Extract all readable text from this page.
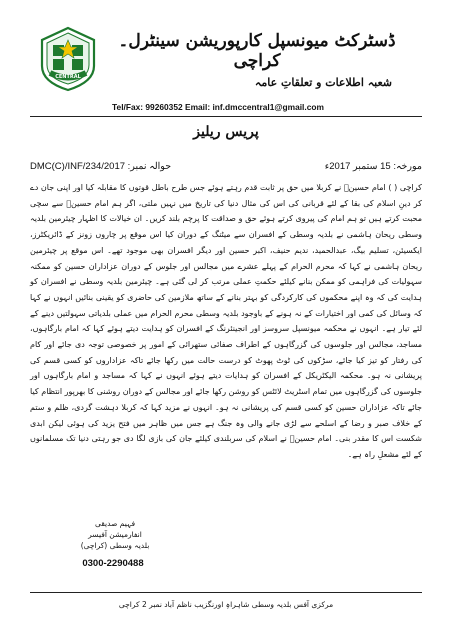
CENTRAL
ڈسٹرکٹ میونسپل کارپوریشن سینٹرل۔کراچی
شعبہ اطلاعات و تعلقاتِ عامہ
Tel/Fax: 99260352 Email: inf.dmccentral1@gmail.com
پریس ریلیز
مورخہ: 15 ستمبر 2017ء
حوالہ نمبر: DMC(C)/INF/234/2017
کراچی ( ) امام حسینؓ نے کربلا میں حق پر ثابت قدم رہتے ہوئے جس طرح باطل قوتوں کا مقابلہ کیا اور اپنی جان دے کر دینِ اسلام کی بقا کے لئے قربانی کی اس کی مثال دنیا کی تاریخ میں نہیں ملتی، اگر ہم امام حسینؓ سے سچی محبت کرتے ہیں تو ہم امام کی پیروی کرتے ہوئے حق و صداقت کا پرچم بلند کریں۔ ان خیالات کا اظہار چیئرمین بلدیہ وسطی ریحان ہاشمی نے بلدیہ وسطی کے افسران سے میٹنگ کے دوران کیا اس موقع پر چاروں زونز کے ڈائریکٹرز، ایکسیئن، تسلیم بیگ، عبدالحمید، ندیم حنیف، اکبر حسین اور دیگر افسران بھی موجود تھے۔ اس موقع پر چیئرمین ریحان ہاشمی نے کہا کہ محرم الحرام کے پہلے عشرے میں مجالس اور جلوس کے دوران عزاداران حسین کو ممکنہ سہولیات کی فراہمی کو ممکن بنانے کیلئے حکمتِ عملی مرتب کر لی گئی ہے۔ چیئرمین بلدیہ وسطی نے افسران کو ہدایت کی کہ وہ اپنے محکموں کی کارکردگی کو بہتر بنانے کے ساتھ ملازمین کی حاضری کو یقینی بنائیں انہوں نے کہا کہ وسائل کی کمی اور اختیارات کے نہ ہونے کے باوجود بلدیہ وسطی محرم الحرام میں عملی بلدیاتی سہولتیں دینے کے لئے تیار ہے۔ انہوں نے محکمہ میونسپل سروسز اور انجینئرنگ کے افسران کو ہدایت دیتے ہوئے کہا کہ امام بارگاہوں، مساجد، مجالس اور جلوسوں کی گزرگاہوں کے اطراف صفائی ستھرائی کے امور پر خصوصی توجہ دی جائے اور کام کی رفتار کو تیز کیا جائے، سڑکوں کی ٹوٹ پھوٹ کو درست حالت میں رکھا جائے تاکہ عزاداروں کو کسی قسم کی پریشانی نہ ہو۔ محکمہ الیکٹریکل کے افسران کو ہدایات دیتے ہوئے انہوں نے کہا کہ مساجد و امام بارگاہوں اور جلوسوں کی گزرگاہوں میں تمام اسٹریٹ لائٹس کو روشن رکھا جائے اور مجالس کے دوران روشنی کا بھرپور انتظام کیا جائے تاکہ عزاداران حسین کو کسی قسم کی پریشانی نہ ہو۔ انہوں نے مزید کہا کہ کربلا دہشت گردی، ظلم و ستم کے خلاف صبر و رضا کے اسلحے سے لڑی جانے والی وہ جنگ ہے جس میں ظاہر میں فتح یزید کی ہوئی لیکن ابدی شکست اس کا مقدر بنی۔ امام حسینؓ نے اسلام کی سربلندی کیلئے جان کی بازی لگا دی جو رہتی دنیا تک مسلمانوں کے لئے مشعلِ راہ ہے۔
فہیم صدیقی
انفارمیشن آفیسر
بلدیہ وسطی (کراچی)
0300-2290488
مرکزی آفس بلدیہ وسطی شاہراہِ اورنگزیب ناظم آباد نمبر 2 کراچی
